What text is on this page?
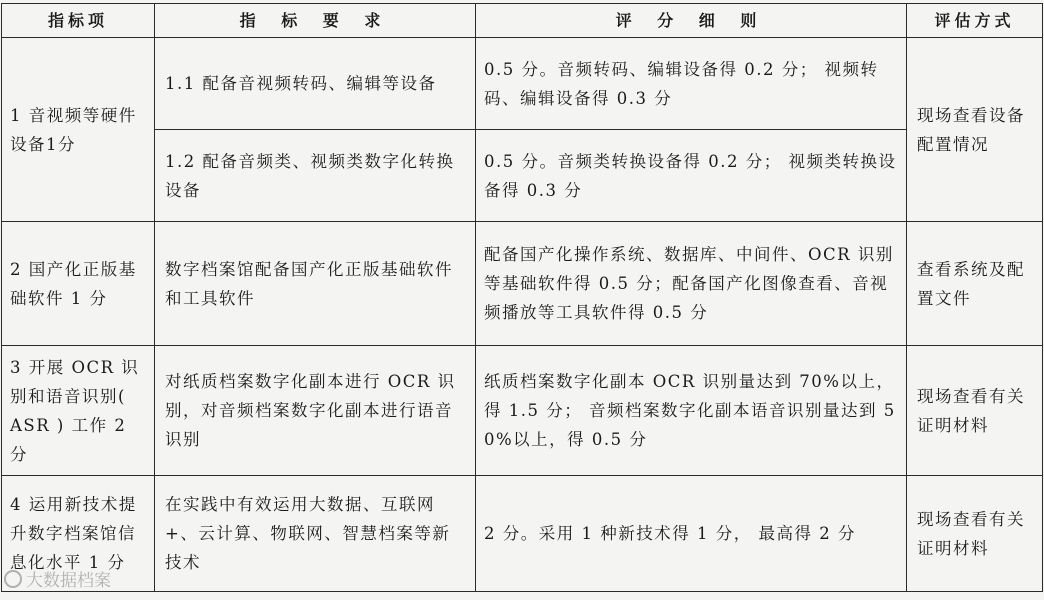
指标项	指 标 要 求	评 分 细 则	评估方式
1 音视频等硬件设备1分	1.1 配备音视频转码、编辑等设备	0.5 分。音频转码、编辑设备得 0.2 分； 视频转码、编辑设备得 0.3 分	现场查看设备配置情况
	1.2 配备音频类、视频类数字化转换设备	0.5 分。音频类转换设备得 0.2 分； 视频类转换设备得 0.3 分	
2 国产化正版基础软件 1 分	数字档案馆配备国产化正版基础软件和工具软件	配备国产化操作系统、数据库、中间件、OCR 识别等基础软件得 0.5 分；配备国产化图像查看、音视频播放等工具软件得 0.5 分	查看系统及配置文件
3 开展 OCR 识别和语音识别( ASR ) 工作 2 分	对纸质档案数字化副本进行 OCR 识别，对音频档案数字化副本进行语音识别	纸质档案数字化副本 OCR 识别量达到 70%以上，得 1.5 分； 音频档案数字化副本语音识别量达到 50%以上，得 0.5 分	现场查看有关证明材料
4 运用新技术提升数字档案馆信息化水平 1 分	在实践中有效运用大数据、互联网+、云计算、物联网、智慧档案等新技术	2 分。采用 1 种新技术得 1 分， 最高得 2 分	现场查看有关证明材料
大数据档案
